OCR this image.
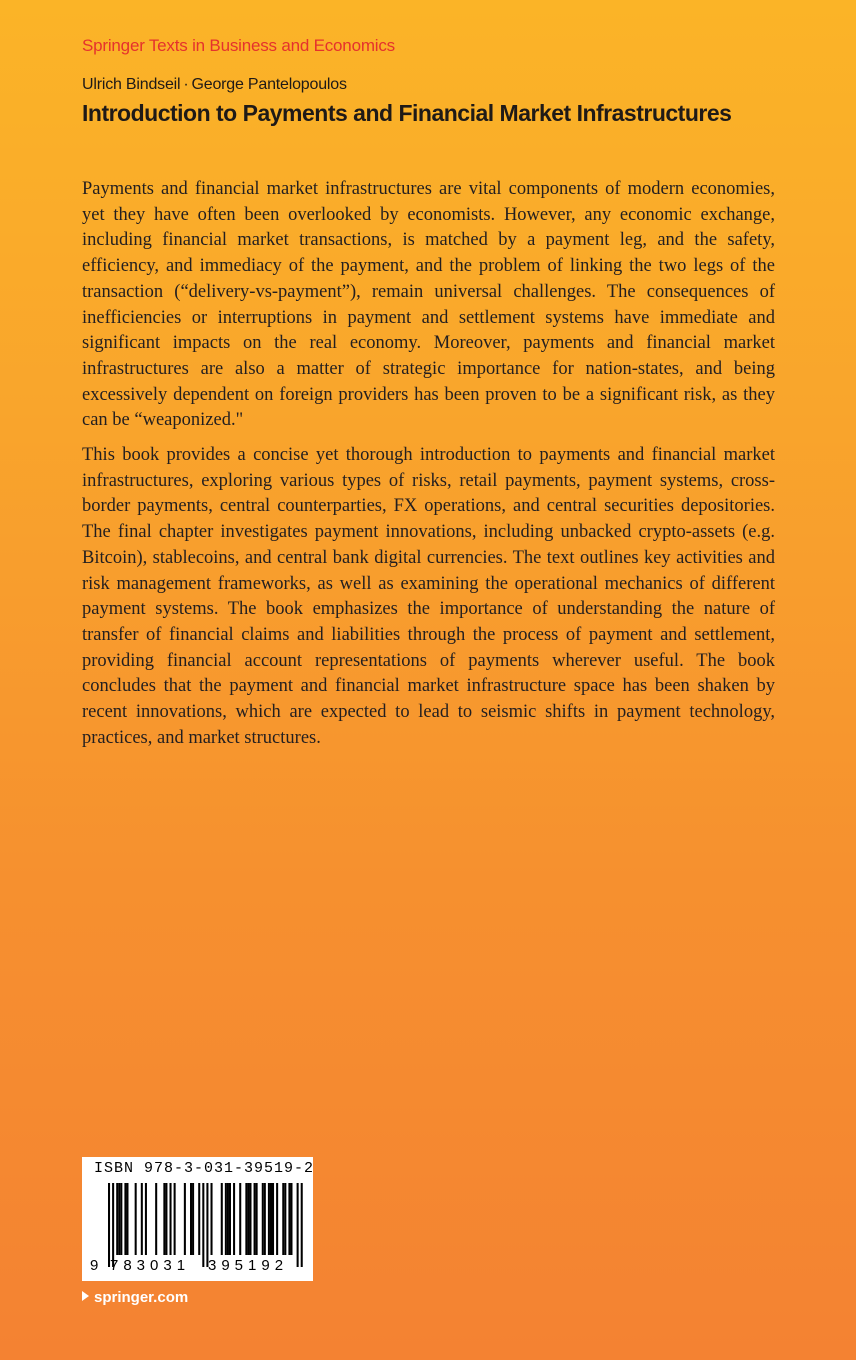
Springer Texts in Business and Economics
Ulrich Bindseil · George Pantelopoulos
Introduction to Payments and Financial Market Infrastructures

Payments and financial market infrastructures are vital components of modern economies, yet they have often been overlooked by economists. However, any economic exchange, including financial market transactions, is matched by a payment leg, and the safety, efficiency, and immediacy of the payment, and the problem of linking the two legs of the transaction (“delivery-vs-payment”), remain universal challenges. The consequences of inefficiencies or interruptions in payment and settlement systems have immediate and significant impacts on the real economy. Moreover, payments and financial market infrastructures are also a matter of strategic importance for nation-states, and being excessively dependent on foreign providers has been proven to be a significant risk, as they can be “weaponized."

This book provides a concise yet thorough introduction to payments and financial market infrastructures, exploring various types of risks, retail payments, payment systems, cross-border payments, central counterparties, FX operations, and central securities depositories. The final chapter investigates payment innovations, including unbacked crypto-assets (e.g. Bitcoin), stablecoins, and central bank digital currencies. The text outlines key activities and risk management frameworks, as well as examining the operational mechanics of different payment systems. The book emphasizes the importance of understanding the nature of transfer of financial claims and liabilities through the process of payment and settlement, providing financial account representations of payments wherever useful. The book concludes that the payment and financial market infrastructure space has been shaken by recent innovations, which are expected to lead to seismic shifts in payment technology, practices, and market structures.

ISBN 978-3-031-39519-2
9 783031 395192
springer.com
